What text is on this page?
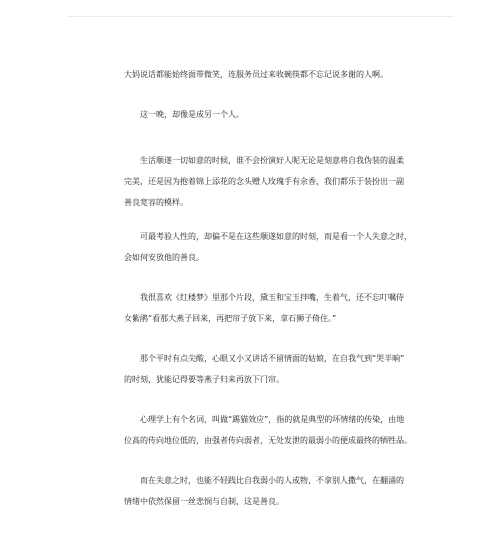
大妈说话都能始终面带微笑，连服务员过来收碗筷都不忘记说多谢的人啊。

这一晚，却像是成另一个人。

生活顺遂一切如意的时候，谁不会扮演好人呢无论是刻意将自我伪装的温柔
完美，还是因为抱着锦上添花的念头赠人玫瑰手有余香，我们都乐于装扮出一副
善良宽容的模样。

可最考验人性的，却偏不是在这些顺遂如意的时刻，而是看一个人失意之时，
会如何安放他的善良。

我很喜欢《红楼梦》里那个片段，黛玉和宝玉拌嘴，生着气，还不忘叮嘱侍
女紫鹃“看那大燕子回来，再把帘子放下来，拿石狮子倚住。”

那个平时有点尖酸，心眼又小又讲话不留情面的姑娘，在自我气到“哭半晌”
的时刻，犹能记得要等燕子归来再放下门帘。

心理学上有个名词，叫做“踢猫效应”，指的就是典型的坏情绪的传染，由地
位高的传向地位低的，由强者传向弱者，无处发泄的最弱小的便成最终的牺牲品。

而在失意之时，也能不轻践比自我弱小的人或物，不拿别人撒气，在翻涌的
情绪中依然保留一丝悲悯与自制，这是善良。
